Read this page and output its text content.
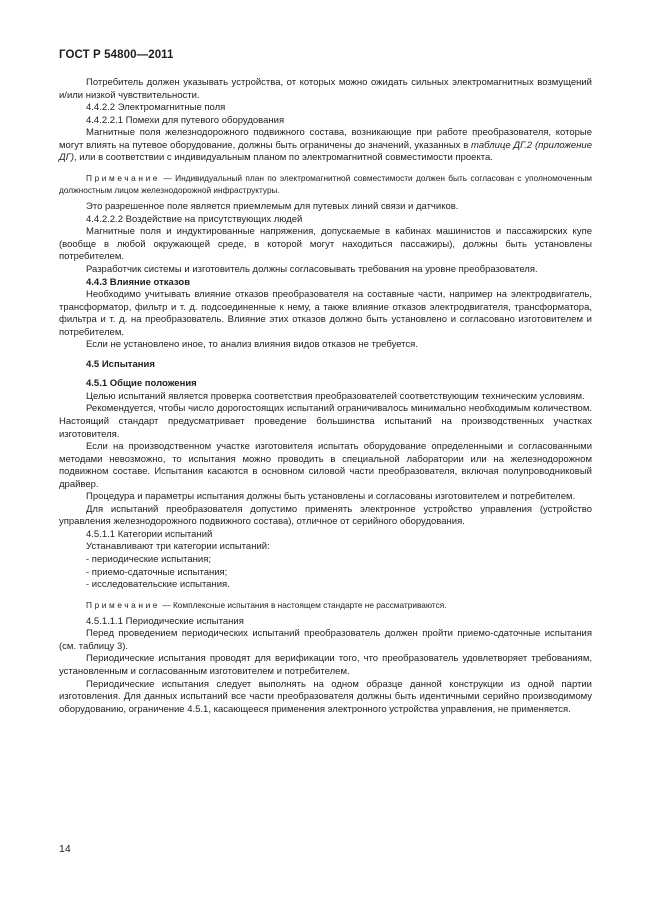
ГОСТ Р 54800—2011

Потребитель должен указывать устройства, от которых можно ожидать сильных электромагнитных возмущений и/или низкой чувствительности.

4.4.2.2 Электромагнитные поля

4.4.2.2.1 Помехи для путевого оборудования

Магнитные поля железнодорожного подвижного состава, возникающие при работе преобразователя, которые могут влиять на путевое оборудование, должны быть ограничены до значений, указанных в таблице ДГ.2 (приложение ДГ), или в соответствии с индивидуальным планом по электромагнитной совместимости проекта.

Примечание — Индивидуальный план по электромагнитной совместимости должен быть согласован с уполномоченным должностным лицом железнодорожной инфраструктуры.

Это разрешенное поле является приемлемым для путевых линий связи и датчиков.

4.4.2.2.2 Воздействие на присутствующих людей

Магнитные поля и индуктированные напряжения, допускаемые в кабинах машинистов и пассажирских купе (вообще в любой окружающей среде, в которой могут находиться пассажиры), должны быть установлены потребителем.

Разработчик системы и изготовитель должны согласовывать требования на уровне преобразователя.

4.4.3 Влияние отказов

Необходимо учитывать влияние отказов преобразователя на составные части, например на электродвигатель, трансформатор, фильтр и т. д. подсоединенные к нему, а также влияние отказов электродвигателя, трансформатора, фильтра и т. д. на преобразователь. Влияние этих отказов должно быть установлено и согласовано изготовителем и потребителем.

Если не установлено иное, то анализ влияния видов отказов не требуется.

4.5 Испытания

4.5.1 Общие положения

Целью испытаний является проверка соответствия преобразователей соответствующим техническим условиям.

Рекомендуется, чтобы число дорогостоящих испытаний ограничивалось минимально необходимым количеством. Настоящий стандарт предусматривает проведение большинства испытаний на производственных участках изготовителя.

Если на производственном участке изготовителя испытать оборудование определенными и согласованными методами невозможно, то испытания можно проводить в специальной лаборатории или на железнодорожном подвижном составе. Испытания касаются в основном силовой части преобразователя, включая полупроводниковый драйвер.

Процедура и параметры испытания должны быть установлены и согласованы изготовителем и потребителем.

Для испытаний преобразователя допустимо применять электронное устройство управления (устройство управления железнодорожного подвижного состава), отличное от серийного оборудования.

4.5.1.1 Категории испытаний

Устанавливают три категории испытаний:

- периодические испытания;

- приемо-сдаточные испытания;

- исследовательские испытания.

Примечание — Комплексные испытания в настоящем стандарте не рассматриваются.

4.5.1.1.1 Периодические испытания

Перед проведением периодических испытаний преобразователь должен пройти приемо-сдаточные испытания (см. таблицу 3).

Периодические испытания проводят для верификации того, что преобразователь удовлетворяет требованиям, установленным и согласованным изготовителем и потребителем.

Периодические испытания следует выполнять на одном образце данной конструкции из одной партии изготовления. Для данных испытаний все части преобразователя должны быть идентичными серийно производимому оборудованию, ограничение 4.5.1, касающееся применения электронного устройства управления, не применяется.

14
